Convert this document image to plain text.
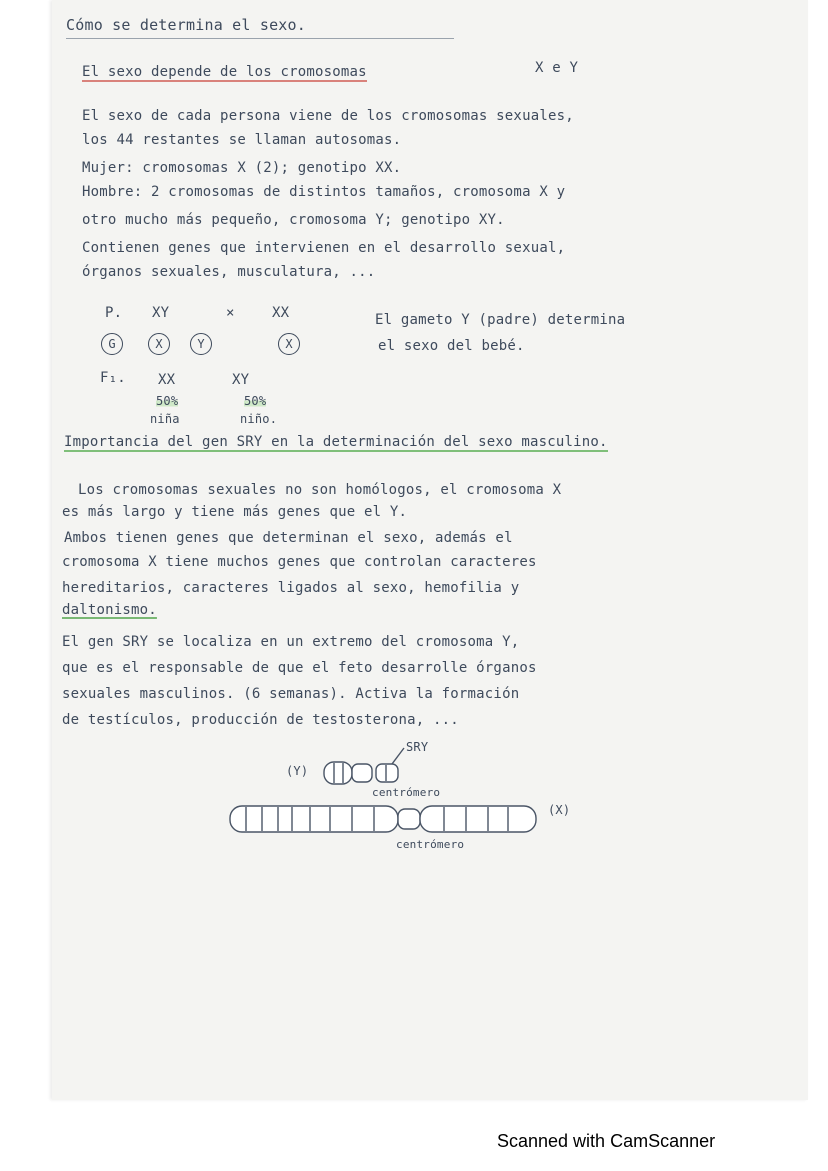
Cómo se determina el sexo.
El sexo depende de los cromosomas	X e Y
El sexo de cada persona viene de los cromosomas sexuales,
los 44 restantes se llaman autosomas.
Mujer: cromosomas X (2); genotipo XX.
Hombre: 2 cromosomas de distintos tamaños, cromosoma X y
otro mucho más pequeño, cromosoma Y; genotipo XY.
Contienen genes que intervienen en el desarrollo sexual,
órganos sexuales, musculatura, ...
P. XY	×	XX
G	X	Y	X
F₁. XX
50%
niña
XY
50%
niño.
El gameto Y (padre) determina
el sexo del bebé.
Importancia del gen SRY en la determinación del sexo masculino.
Los cromosomas sexuales no son homólogos, el cromosoma X
es más largo y tiene más genes que el Y.
Ambos tienen genes que determinan el sexo, además el
cromosoma X tiene muchos genes que controlan caracteres
hereditarios, caracteres ligados al sexo, hemofilia y
daltonismo.
El gen SRY se localiza en un extremo del cromosoma Y,
que es el responsable de que el feto desarrolle órganos
sexuales masculinos. (6 semanas). Activa la formación
de testículos, producción de testosterona, ...
SRY
(Y)
centrómero
(X)
centrómero
Scanned with CamScanner
